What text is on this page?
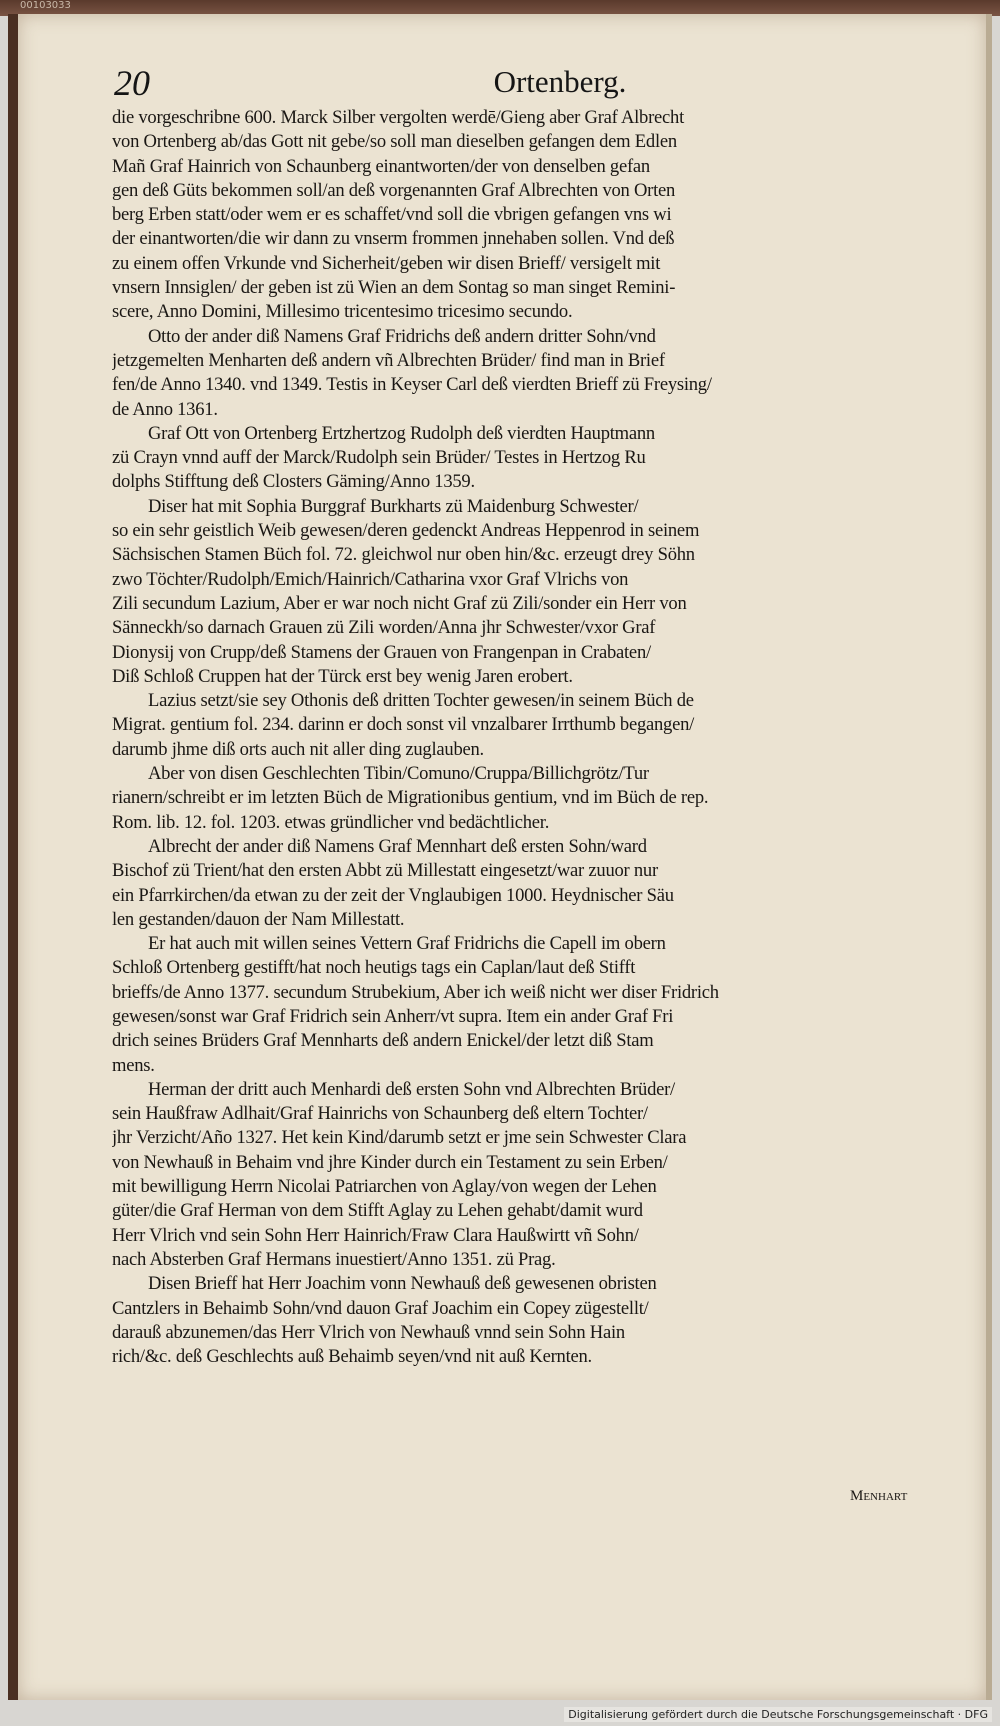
00103033
20	Ortenberg.
die vorgeschribne 600. Marck Silber vergolten werdē/Gieng aber Graf Albrecht
von Ortenberg ab/das Gott nit gebe/so soll man dieselben gefangen dem Edlen
Mañ Graf Hainrich von Schaunberg einantworten/der von denselben gefan
gen deß Güts bekommen soll/an deß vorgenannten Graf Albrechten von Orten
berg Erben statt/oder wem er es schaffet/vnd soll die vbrigen gefangen vns wi
der einantworten/die wir dann zu vnserm frommen jnnehaben sollen. Vnd deß
zu einem offen Vrkunde vnd Sicherheit/geben wir disen Brieff/ versigelt mit
vnsern Innsiglen/ der geben ist zü Wien an dem Sontag so man singet Remini-
scere, Anno Domini, Millesimo tricentesimo tricesimo secundo.
Otto der ander diß Namens Graf Fridrichs deß andern dritter Sohn/vnd
jetzgemelten Menharten deß andern vñ Albrechten Brüder/ find man in Brief
fen/de Anno 1340. vnd 1349. Testis in Keyser Carl deß vierdten Brieff zü Freysing/
de Anno 1361.
Graf Ott von Ortenberg Ertzhertzog Rudolph deß vierdten Hauptmann
zü Crayn vnnd auff der Marck/Rudolph sein Brüder/ Testes in Hertzog Ru
dolphs Stifftung deß Closters Gäming/Anno 1359.
Diser hat mit Sophia Burggraf Burkharts zü Maidenburg Schwester/
so ein sehr geistlich Weib gewesen/deren gedenckt Andreas Heppenrod in seinem
Sächsischen Stamen Büch fol. 72. gleichwol nur oben hin/&c. erzeugt drey Söhn
zwo Töchter/Rudolph/Emich/Hainrich/Catharina vxor Graf Vlrichs von
Zili secundum Lazium, Aber er war noch nicht Graf zü Zili/sonder ein Herr von
Sänneckh/so darnach Grauen zü Zili worden/Anna jhr Schwester/vxor Graf
Dionysij von Crupp/deß Stamens der Grauen von Frangenpan in Crabaten/
Diß Schloß Cruppen hat der Türck erst bey wenig Jaren erobert.
Lazius setzt/sie sey Othonis deß dritten Tochter gewesen/in seinem Büch de
Migrat. gentium fol. 234. darinn er doch sonst vil vnzalbarer Irrthumb begangen/
darumb jhme diß orts auch nit aller ding zuglauben.
Aber von disen Geschlechten Tibin/Comuno/Cruppa/Billichgrötz/Tur
rianern/schreibt er im letzten Büch de Migrationibus gentium, vnd im Büch de rep.
Rom. lib. 12. fol. 1203. etwas gründlicher vnd bedächtlicher.
Albrecht der ander diß Namens Graf Mennhart deß ersten Sohn/ward
Bischof zü Trient/hat den ersten Abbt zü Millestatt eingesetzt/war zuuor nur
ein Pfarrkirchen/da etwan zu der zeit der Vnglaubigen 1000. Heydnischer Säu
len gestanden/dauon der Nam Millestatt.
Er hat auch mit willen seines Vettern Graf Fridrichs die Capell im obern
Schloß Ortenberg gestifft/hat noch heutigs tags ein Caplan/laut deß Stifft
brieffs/de Anno 1377. secundum Strubekium, Aber ich weiß nicht wer diser Fridrich
gewesen/sonst war Graf Fridrich sein Anherr/vt supra. Item ein ander Graf Fri
drich seines Brüders Graf Mennharts deß andern Enickel/der letzt diß Stam
mens.
Herman der dritt auch Menhardi deß ersten Sohn vnd Albrechten Brüder/
sein Haußfraw Adlhait/Graf Hainrichs von Schaunberg deß eltern Tochter/
jhr Verzicht/Año 1327. Het kein Kind/darumb setzt er jme sein Schwester Clara
von Newhauß in Behaim vnd jhre Kinder durch ein Testament zu sein Erben/
mit bewilligung Herrn Nicolai Patriarchen von Aglay/von wegen der Lehen
güter/die Graf Herman von dem Stifft Aglay zu Lehen gehabt/damit wurd
Herr Vlrich vnd sein Sohn Herr Hainrich/Fraw Clara Haußwirtt vñ Sohn/
nach Absterben Graf Hermans inuestiert/Anno 1351. zü Prag.
Disen Brieff hat Herr Joachim vonn Newhauß deß gewesenen obristen
Cantzlers in Behaimb Sohn/vnd dauon Graf Joachim ein Copey zügestellt/
darauß abzunemen/das Herr Vlrich von Newhauß vnnd sein Sohn Hain
rich/&c. deß Geschlechts auß Behaimb seyen/vnd nit auß Kernten.
Menhart
Digitalisierung gefördert durch die Deutsche Forschungsgemeinschaft · DFG
